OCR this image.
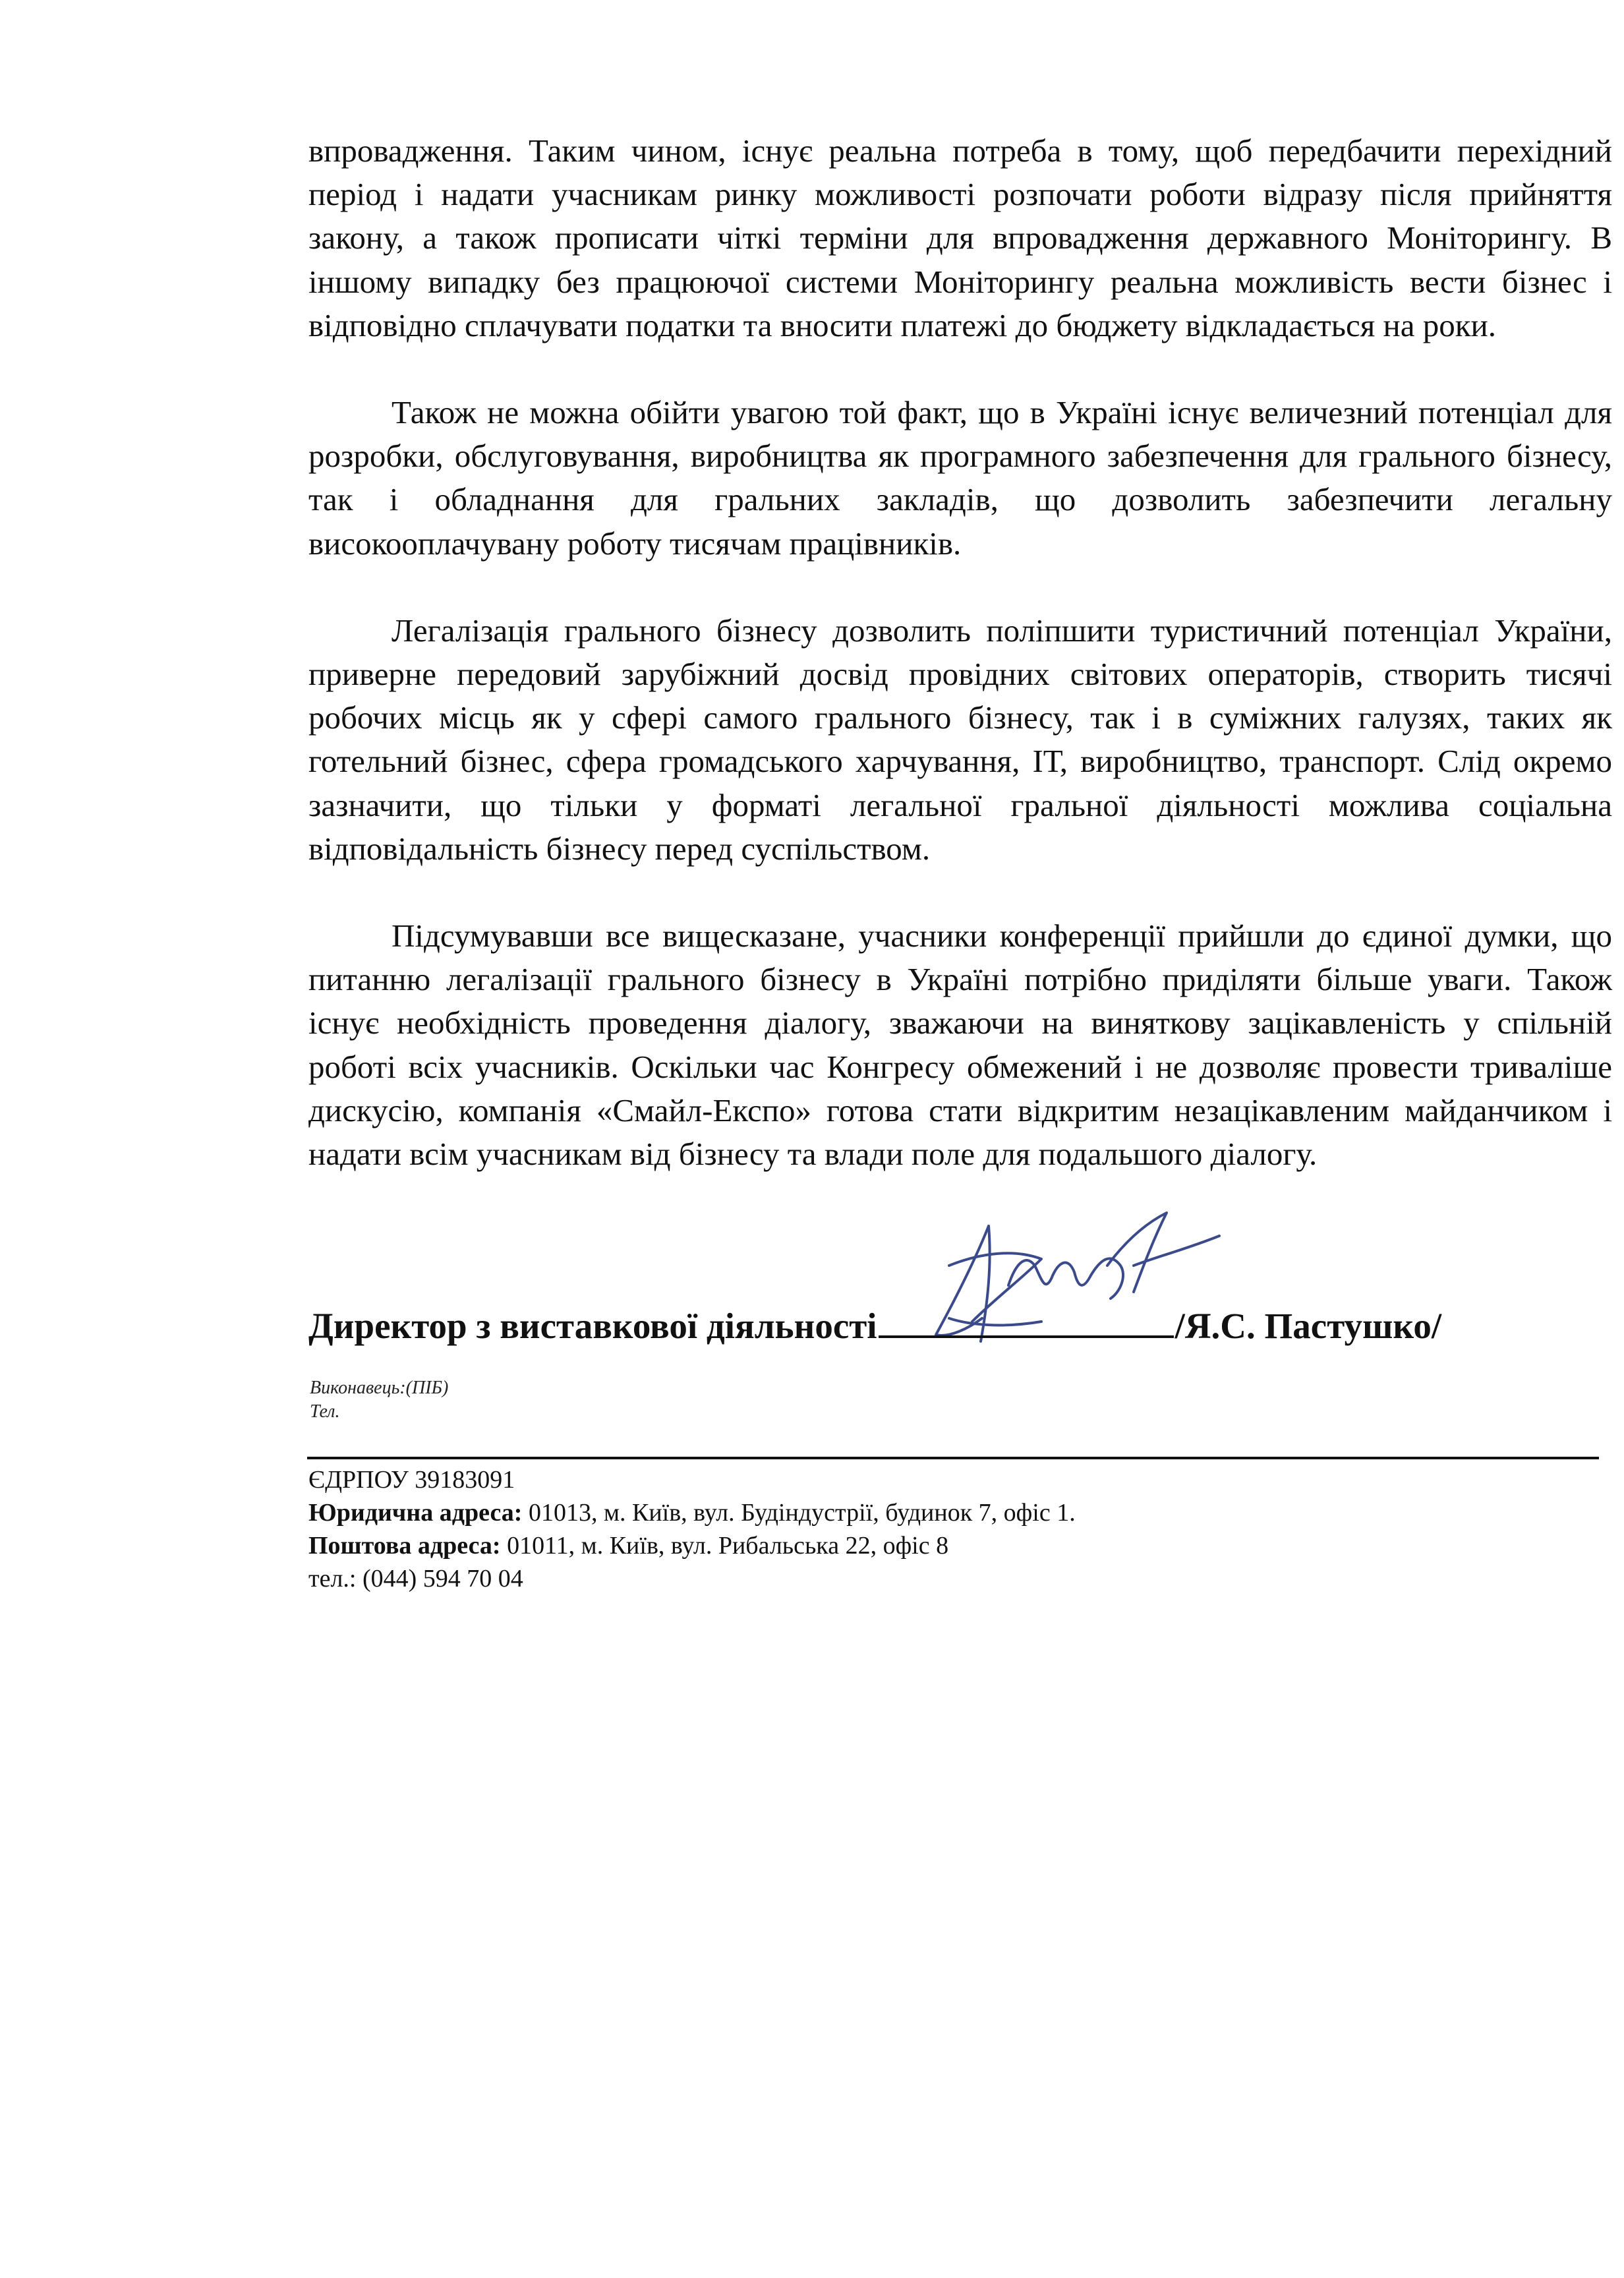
впровадження. Таким чином, існує реальна потреба в тому, щоб передбачити перехідний період і надати учасникам ринку можливості розпочати роботи відразу після прийняття закону, а також прописати чіткі терміни для впровадження державного Моніторингу. В іншому випадку без працюючої системи Моніторингу реальна можливість вести бізнес і відповідно сплачувати податки та вносити платежі до бюджету відкладається на роки.

Також не можна обійти увагою той факт, що в Україні існує величезний потенціал для розробки, обслуговування, виробництва як програмного забезпечення для грального бізнесу, так і обладнання для гральних закладів, що дозволить забезпечити легальну високооплачувану роботу тисячам працівників.

Легалізація грального бізнесу дозволить поліпшити туристичний потенціал України, приверне передовий зарубіжний досвід провідних світових операторів, створить тисячі робочих місць як у сфері самого грального бізнесу, так і в суміжних галузях, таких як готельний бізнес, сфера громадського харчування, ІТ, виробництво, транспорт. Слід окремо зазначити, що тільки у форматі легальної гральної діяльності можлива соціальна відповідальність бізнесу перед суспільством.

Підсумувавши все вищесказане, учасники конференції прийшли до єдиної думки, що питанню легалізації грального бізнесу в Україні потрібно приділяти більше уваги. Також існує необхідність проведення діалогу, зважаючи на виняткову зацікавленість у спільній роботі всіх учасників. Оскільки час Конгресу обмежений і не дозволяє провести триваліше дискусію, компанія «Смайл-Експо» готова стати відкритим незацікавленим майданчиком і надати всім учасникам від бізнесу та влади поле для подальшого діалогу.

Директор з виставкової діяльності	/Я.С. Пастушко/
Виконавець:(ПІБ)
Тел.
ЄДРПОУ 39183091
Юридична адреса: 01013, м. Київ, вул. Будіндустрії, будинок 7, офіс 1.
Поштова адреса: 01011, м. Київ, вул. Рибальська 22, офіс 8
тел.: (044) 594 70 04
